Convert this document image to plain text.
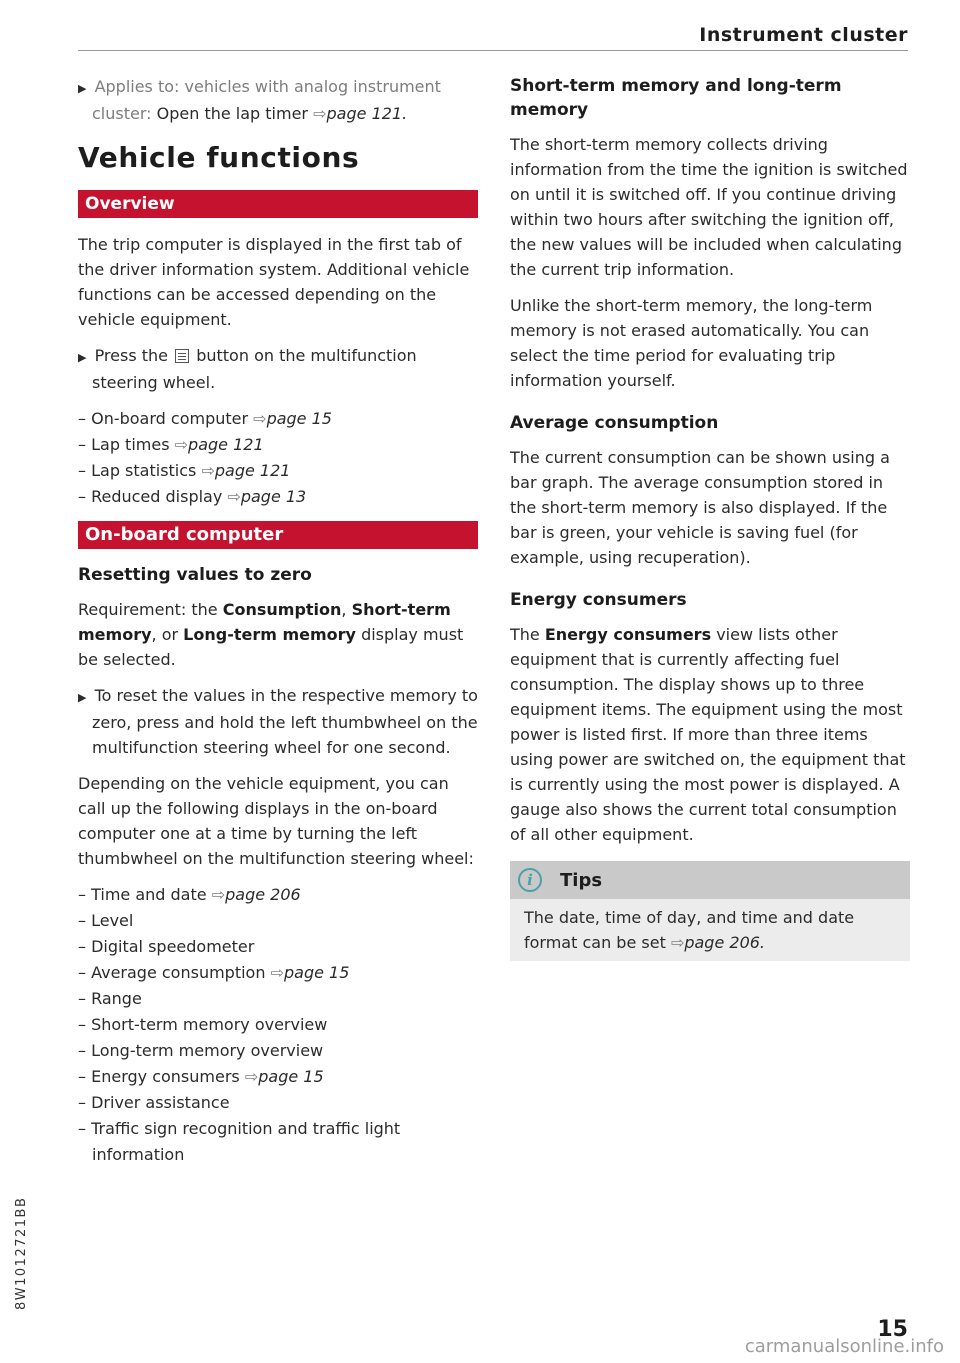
Instrument cluster

▶ Applies to: vehicles with analog instrument cluster: Open the lap timer ⇨page 121.

Vehicle functions
Overview

The trip computer is displayed in the first tab of the driver information system. Additional vehicle functions can be accessed depending on the vehicle equipment.

▶ Press the button on the multifunction steering wheel.

– On-board computer ⇨page 15
– Lap times ⇨page 121
– Lap statistics ⇨page 121
– Reduced display ⇨page 13
On-board computer
Resetting values to zero

Requirement: the Consumption, Short-term memory, or Long-term memory display must be selected.

▶ To reset the values in the respective memory to zero, press and hold the left thumbwheel on the multifunction steering wheel for one second.

Depending on the vehicle equipment, you can call up the following displays in the on-board computer one at a time by turning the left thumbwheel on the multifunction steering wheel:

– Time and date ⇨page 206
– Level
– Digital speedometer
– Average consumption ⇨page 15
– Range
– Short-term memory overview
– Long-term memory overview
– Energy consumers ⇨page 15
– Driver assistance
– Traffic sign recognition and traffic light information
Short-term memory and long-term memory

The short-term memory collects driving information from the time the ignition is switched on until it is switched off. If you continue driving within two hours after switching the ignition off, the new values will be included when calculating the current trip information.

Unlike the short-term memory, the long-term memory is not erased automatically. You can select the time period for evaluating trip information yourself.

Average consumption

The current consumption can be shown using a bar graph. The average consumption stored in the short-term memory is also displayed. If the bar is green, your vehicle is saving fuel (for example, using recuperation).

Energy consumers

The Energy consumers view lists other equipment that is currently affecting fuel consumption. The display shows up to three equipment items. The equipment using the most power is listed first. If more than three items using power are switched on, the equipment that is currently using the most power is displayed. A gauge also shows the current total consumption of all other equipment.

i	Tips
The date, time of day, and time and date format can be set ⇨page 206.
8W1012721BB
15
carmanualsonline.info
